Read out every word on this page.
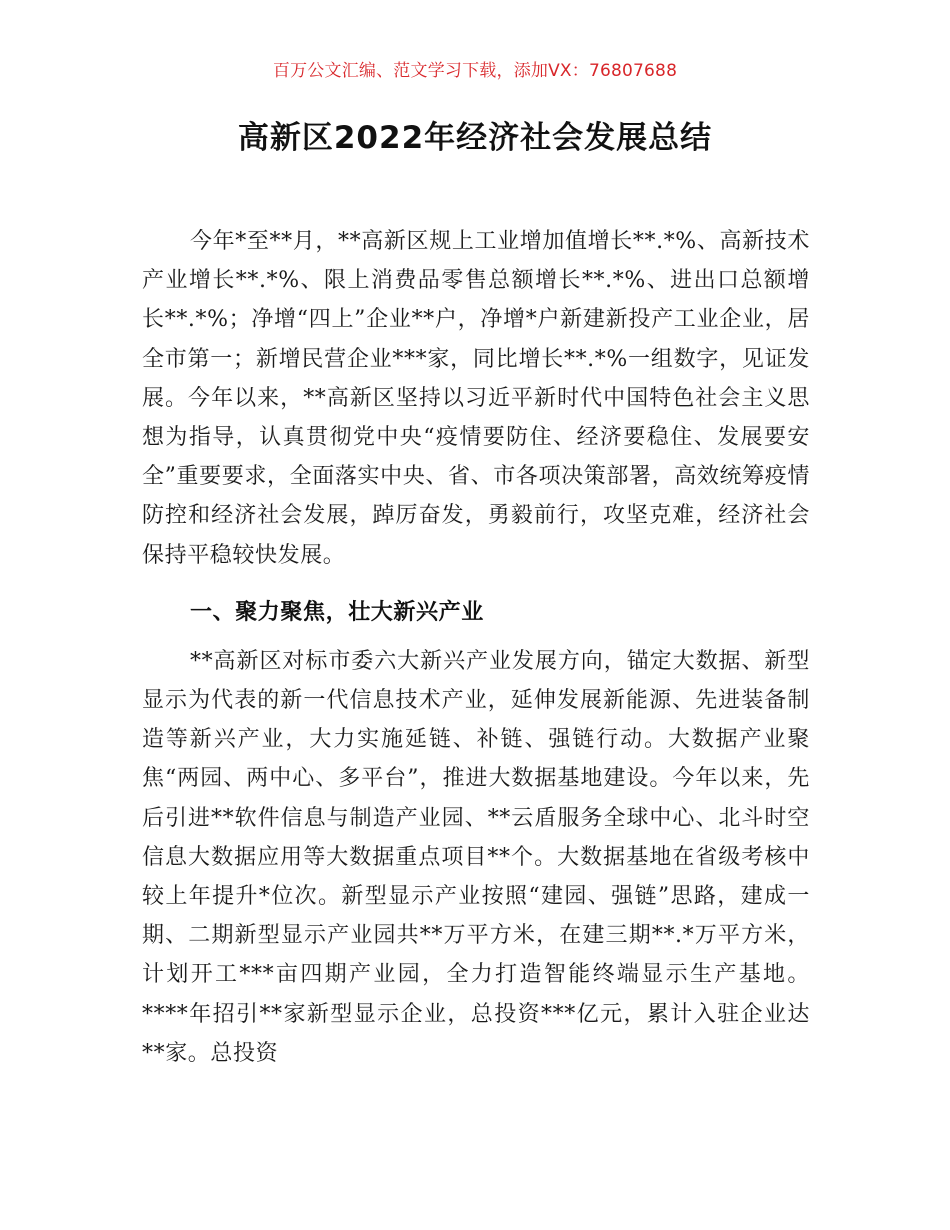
百万公文汇编、范文学习下载，添加VX：76807688
高新区2022年经济社会发展总结

今年*至**月，**高新区规上工业增加值增长**.*%、高新技术产业增长**.*%、限上消费品零售总额增长**.*%、进出口总额增长**.*%；净增“四上”企业**户，净增*户新建新投产工业企业，居全市第一；新增民营企业***家，同比增长**.*%一组数字，见证发展。今年以来，**高新区坚持以习近平新时代中国特色社会主义思想为指导，认真贯彻党中央“疫情要防住、经济要稳住、发展要安全”重要要求，全面落实中央、省、市各项决策部署，高效统筹疫情防控和经济社会发展，踔厉奋发，勇毅前行，攻坚克难，经济社会保持平稳较快发展。

一、聚力聚焦，壮大新兴产业

**高新区对标市委六大新兴产业发展方向，锚定大数据、新型显示为代表的新一代信息技术产业，延伸发展新能源、先进装备制造等新兴产业，大力实施延链、补链、强链行动。大数据产业聚焦“两园、两中心、多平台”，推进大数据基地建设。今年以来，先后引进**软件信息与制造产业园、**云盾服务全球中心、北斗时空信息大数据应用等大数据重点项目**个。大数据基地在省级考核中较上年提升*位次。新型显示产业按照“建园、强链”思路，建成一期、二期新型显示产业园共**万平方米，在建三期**.*万平方米，计划开工***亩四期产业园，全力打造智能终端显示生产基地。****年招引**家新型显示企业，总投资***亿元，累计入驻企业达**家。总投资
